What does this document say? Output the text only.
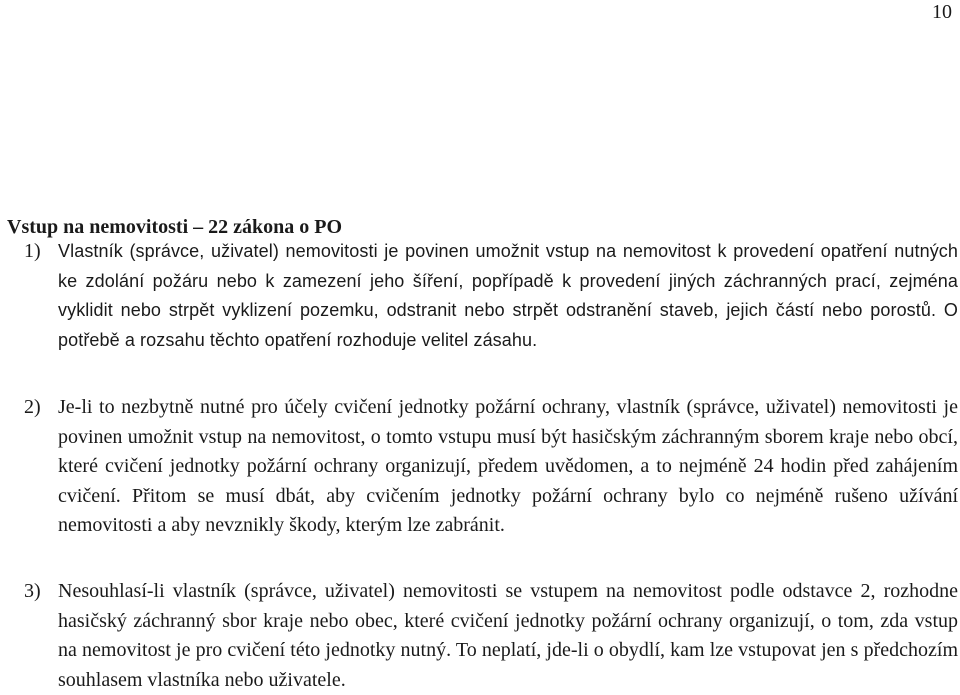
10
Vstup na nemovitosti – 22 zákona o PO
1) Vlastník (správce, uživatel) nemovitosti je povinen umožnit vstup na nemovitost k provedení opatření nutných ke zdolání požáru nebo k zamezení jeho šíření, popřípadě k provedení jiných záchranných prací, zejména vyklidit nebo strpět vyklizení pozemku, odstranit nebo strpět odstranění staveb, jejich částí nebo porostů. O potřebě a rozsahu těchto opatření rozhoduje velitel zásahu.
2) Je-li to nezbytně nutné pro účely cvičení jednotky požární ochrany, vlastník (správce, uživatel) nemovitosti je povinen umožnit vstup na nemovitost, o tomto vstupu musí být hasičským záchranným sborem kraje nebo obcí, které cvičení jednotky požární ochrany organizují, předem uvědomen, a to nejméně 24 hodin před zahájením cvičení. Přitom se musí dbát, aby cvičením jednotky požární ochrany bylo co nejméně rušeno užívání nemovitosti a aby nevznikly škody, kterým lze zabránit.
3) Nesouhlasí-li vlastník (správce, uživatel) nemovitosti se vstupem na nemovitost podle odstavce 2, rozhodne hasičský záchranný sbor kraje nebo obec, které cvičení jednotky požární ochrany organizují, o tom, zda vstup na nemovitost je pro cvičení této jednotky nutný. To neplatí, jde-li o obydlí, kam lze vstupovat jen s předchozím souhlasem vlastníka nebo uživatele.
